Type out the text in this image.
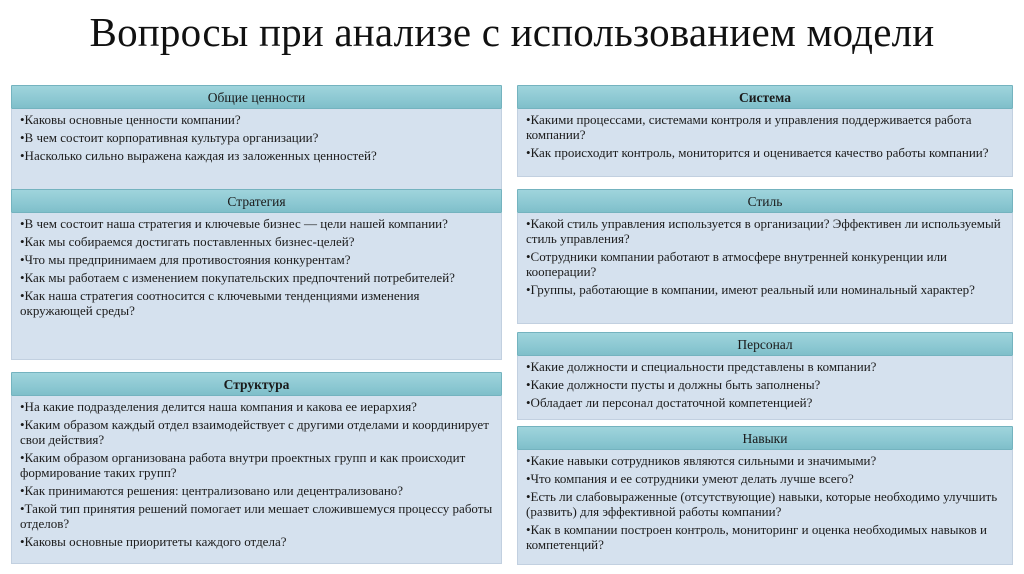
Вопросы при анализе с использованием модели
Общие ценности
•Каковы основные ценности компании?
•В чем состоит корпоративная культура организации?
•Насколько сильно выражена каждая из заложенных ценностей?
Стратегия
•В чем состоит наша стратегия и ключевые бизнес — цели нашей компании?
•Как мы собираемся достигать поставленных бизнес-целей?
•Что мы предпринимаем для противостояния конкурентам?
•Как мы работаем с изменением покупательских предпочтений потребителей?
•Как наша стратегия соотносится с ключевыми тенденциями изменения окружающей среды?
Структура
•На какие подразделения делится наша компания и какова ее иерархия?
•Каким образом каждый отдел взаимодействует с другими отделами и координирует свои действия?
•Каким образом организована работа внутри проектных групп и как происходит формирование таких групп?
•Как принимаются решения: централизовано или децентрализовано?
•Такой тип принятия решений помогает или мешает сложившемуся процессу работы отделов?
•Каковы основные приоритеты каждого отдела?
Система
•Какими процессами, системами контроля и управления поддерживается работа компании?
•Как происходит контроль, мониторится и оценивается качество работы компании?
Стиль
•Какой стиль управления используется в организации? Эффективен ли используемый стиль управления?
•Сотрудники компании работают в атмосфере внутренней конкуренции или кооперации?
•Группы, работающие в компании, имеют реальный или номинальный характер?
Персонал
•Какие должности и специальности представлены в компании?
•Какие должности пусты и должны быть заполнены?
•Обладает ли персонал достаточной компетенцией?
Навыки
•Какие навыки сотрудников являются сильными и значимыми?
•Что компания и ее сотрудники умеют делать лучше всего?
•Есть ли слабовыраженные (отсутствующие) навыки, которые необходимо улучшить (развить) для эффективной работы компании?
•Как в компании построен контроль, мониторинг и оценка необходимых навыков и компетенций?
